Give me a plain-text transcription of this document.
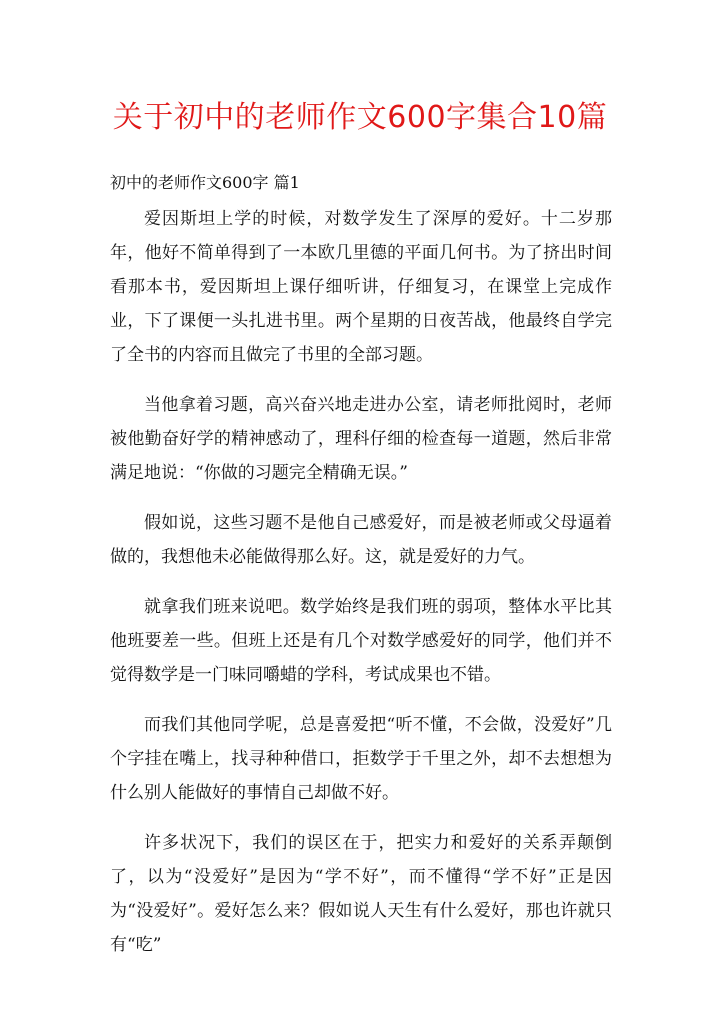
关于初中的老师作文600字集合10篇
初中的老师作文600字 篇1

爱因斯坦上学的时候，对数学发生了深厚的爱好。十二岁那年，他好不简单得到了一本欧几里德的平面几何书。为了挤出时间看那本书，爱因斯坦上课仔细听讲，仔细复习，在课堂上完成作业，下了课便一头扎进书里。两个星期的日夜苦战，他最终自学完了全书的内容而且做完了书里的全部习题。

当他拿着习题，高兴奋兴地走进办公室，请老师批阅时，老师被他勤奋好学的精神感动了，理科仔细的检查每一道题，然后非常满足地说：“你做的习题完全精确无误。”

假如说，这些习题不是他自己感爱好，而是被老师或父母逼着做的，我想他未必能做得那么好。这，就是爱好的力气。

就拿我们班来说吧。数学始终是我们班的弱项，整体水平比其他班要差一些。但班上还是有几个对数学感爱好的同学，他们并不觉得数学是一门味同嚼蜡的学科，考试成果也不错。

而我们其他同学呢，总是喜爱把“听不懂，不会做，没爱好”几个字挂在嘴上，找寻种种借口，拒数学于千里之外，却不去想想为什么别人能做好的事情自己却做不好。

许多状况下，我们的误区在于，把实力和爱好的关系弄颠倒了，以为“没爱好”是因为“学不好”，而不懂得“学不好”正是因为“没爱好”。爱好怎么来？假如说人天生有什么爱好，那也许就只有“吃”
